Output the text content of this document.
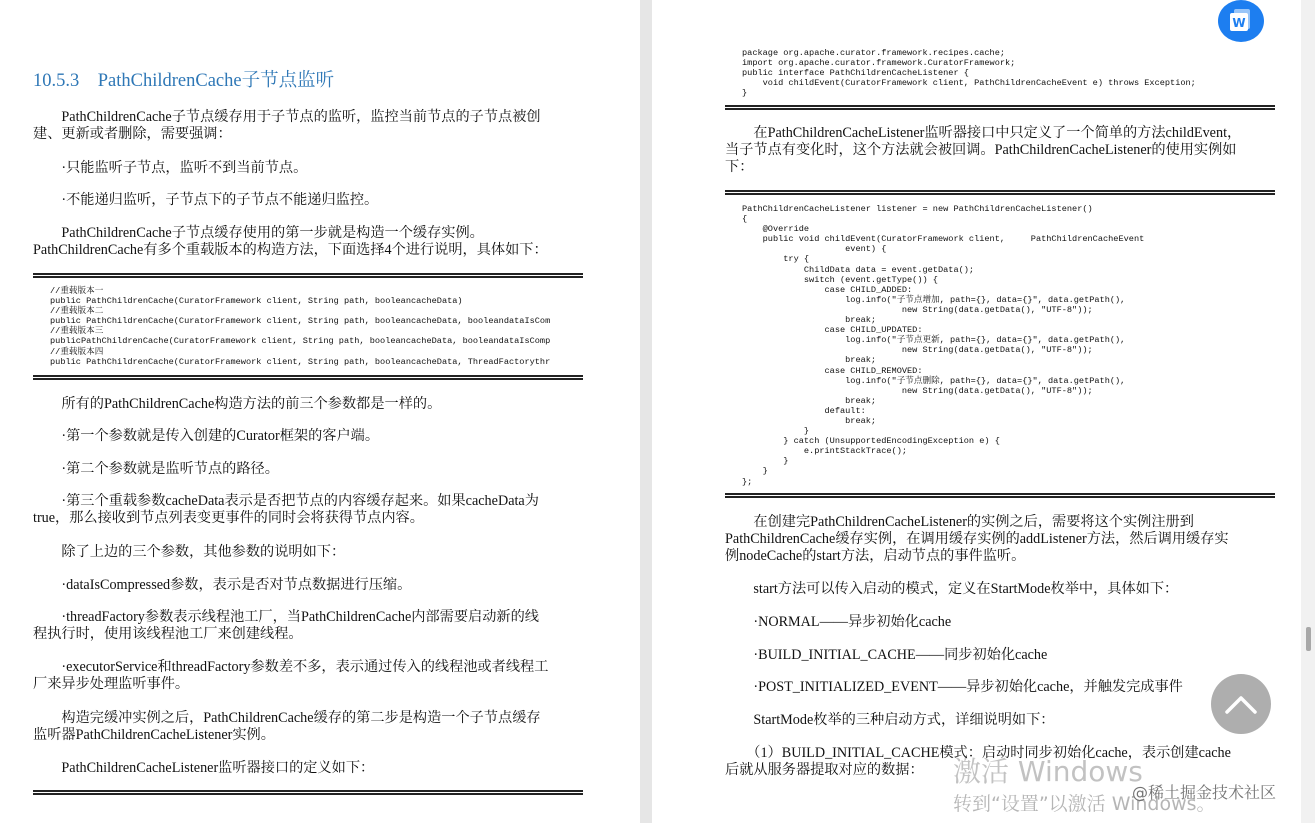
10.5.3　PathChildrenCache子节点监听
　　PathChildrenCache子节点缓存用于子节点的监听，监控当前节点的子节点被创
建、更新或者删除，需要强调：
　　·只能监听子节点，监听不到当前节点。
　　·不能递归监听，子节点下的子节点不能递归监控。
　　PathChildrenCache子节点缓存使用的第一步就是构造一个缓存实例。
PathChildrenCache有多个重载版本的构造方法，下面选择4个进行说明，具体如下：
//重载版本一
public PathChildrenCache(CuratorFramework client, String path, booleancacheData)
//重载版本二
public PathChildrenCache(CuratorFramework client, String path, booleancacheData, booleandataIsCom
//重载版本三
publicPathChildrenCache(CuratorFramework client, String path, booleancacheData, booleandataIsComp
//重载版本四
public PathChildrenCache(CuratorFramework client, String path, booleancacheData, ThreadFactorythr
　　所有的PathChildrenCache构造方法的前三个参数都是一样的。
　　·第一个参数就是传入创建的Curator框架的客户端。
　　·第二个参数就是监听节点的路径。
　　·第三个重载参数cacheData表示是否把节点的内容缓存起来。如果cacheData为
true，那么接收到节点列表变更事件的同时会将获得节点内容。
　　除了上边的三个参数，其他参数的说明如下：
　　·dataIsCompressed参数，表示是否对节点数据进行压缩。
　　·threadFactory参数表示线程池工厂，当PathChildrenCache内部需要启动新的线
程执行时，使用该线程池工厂来创建线程。
　　·executorService和threadFactory参数差不多，表示通过传入的线程池或者线程工
厂来异步处理监听事件。
　　构造完缓冲实例之后，PathChildrenCache缓存的第二步是构造一个子节点缓存
监听器PathChildrenCacheListener实例。
　　PathChildrenCacheListener监听器接口的定义如下：
package org.apache.curator.framework.recipes.cache;
import org.apache.curator.framework.CuratorFramework;
public interface PathChildrenCacheListener {
void childEvent(CuratorFramework client, PathChildrenCacheEvent e) throws Exception;
}
　　在PathChildrenCacheListener监听器接口中只定义了一个简单的方法childEvent，
当子节点有变化时，这个方法就会被回调。PathChildrenCacheListener的使用实例如
下：
PathChildrenCacheListener listener = new PathChildrenCacheListener()
{
@Override
public void childEvent(CuratorFramework client,     PathChildrenCacheEvent
event) {
try {
ChildData data = event.getData();
switch (event.getType()) {
case CHILD_ADDED:
log.info("子节点增加, path={}, data={}", data.getPath(),
new String(data.getData(), "UTF-8"));
break;
case CHILD_UPDATED:
log.info("子节点更新, path={}, data={}", data.getPath(),
new String(data.getData(), "UTF-8"));
break;
case CHILD_REMOVED:
log.info("子节点删除, path={}, data={}", data.getPath(),
new String(data.getData(), "UTF-8"));
break;
default:
break;
}
} catch (UnsupportedEncodingException e) {
e.printStackTrace();
}
}
};
　　在创建完PathChildrenCacheListener的实例之后，需要将这个实例注册到
PathChildrenCache缓存实例，在调用缓存实例的addListener方法，然后调用缓存实
例nodeCache的start方法，启动节点的事件监听。
　　start方法可以传入启动的模式，定义在StartMode枚举中，具体如下：
　　·NORMAL——异步初始化cache
　　·BUILD_INITIAL_CACHE——同步初始化cache
　　·POST_INITIALIZED_EVENT——异步初始化cache，并触发完成事件
　　StartMode枚举的三种启动方式，详细说明如下：
　　（1）BUILD_INITIAL_CACHE模式：启动时同步初始化cache，表示创建cache
后就从服务器提取对应的数据：
W
激活 Windows
转到“设置”以激活 Windows。
@稀土掘金技术社区
